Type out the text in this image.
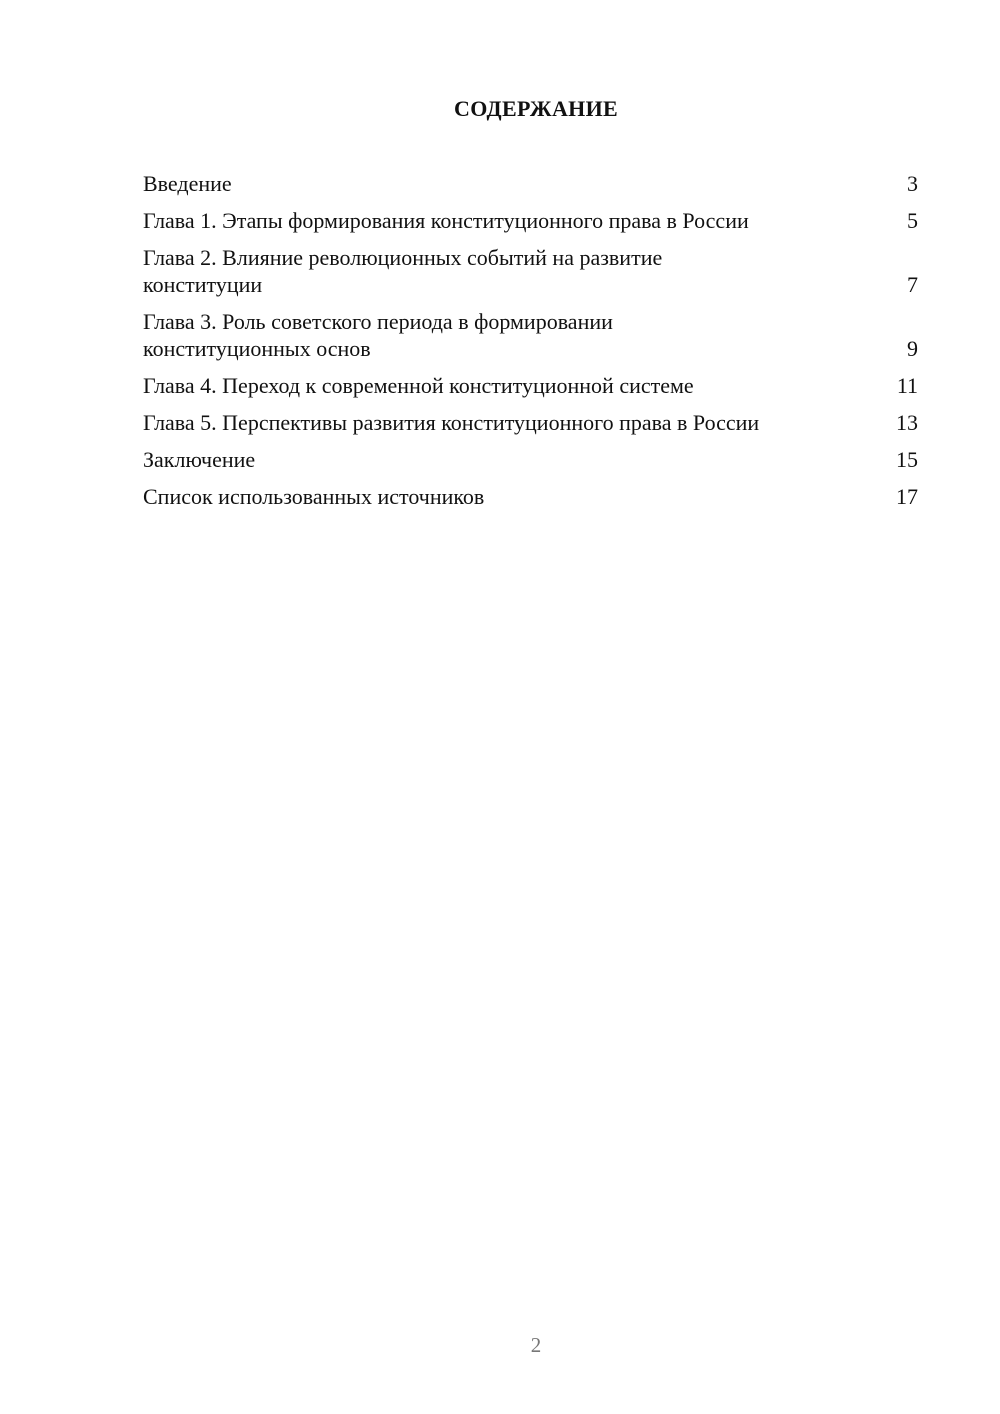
СОДЕРЖАНИЕ
Введение	3
Глава 1. Этапы формирования конституционного права в России	5
Глава 2. Влияние революционных событий на развитие конституции	7
Глава 3. Роль советского периода в формировании конституционных основ	9
Глава 4. Переход к современной конституционной системе	11
Глава 5. Перспективы развития конституционного права в России	13
Заключение	15
Список использованных источников	17
2
